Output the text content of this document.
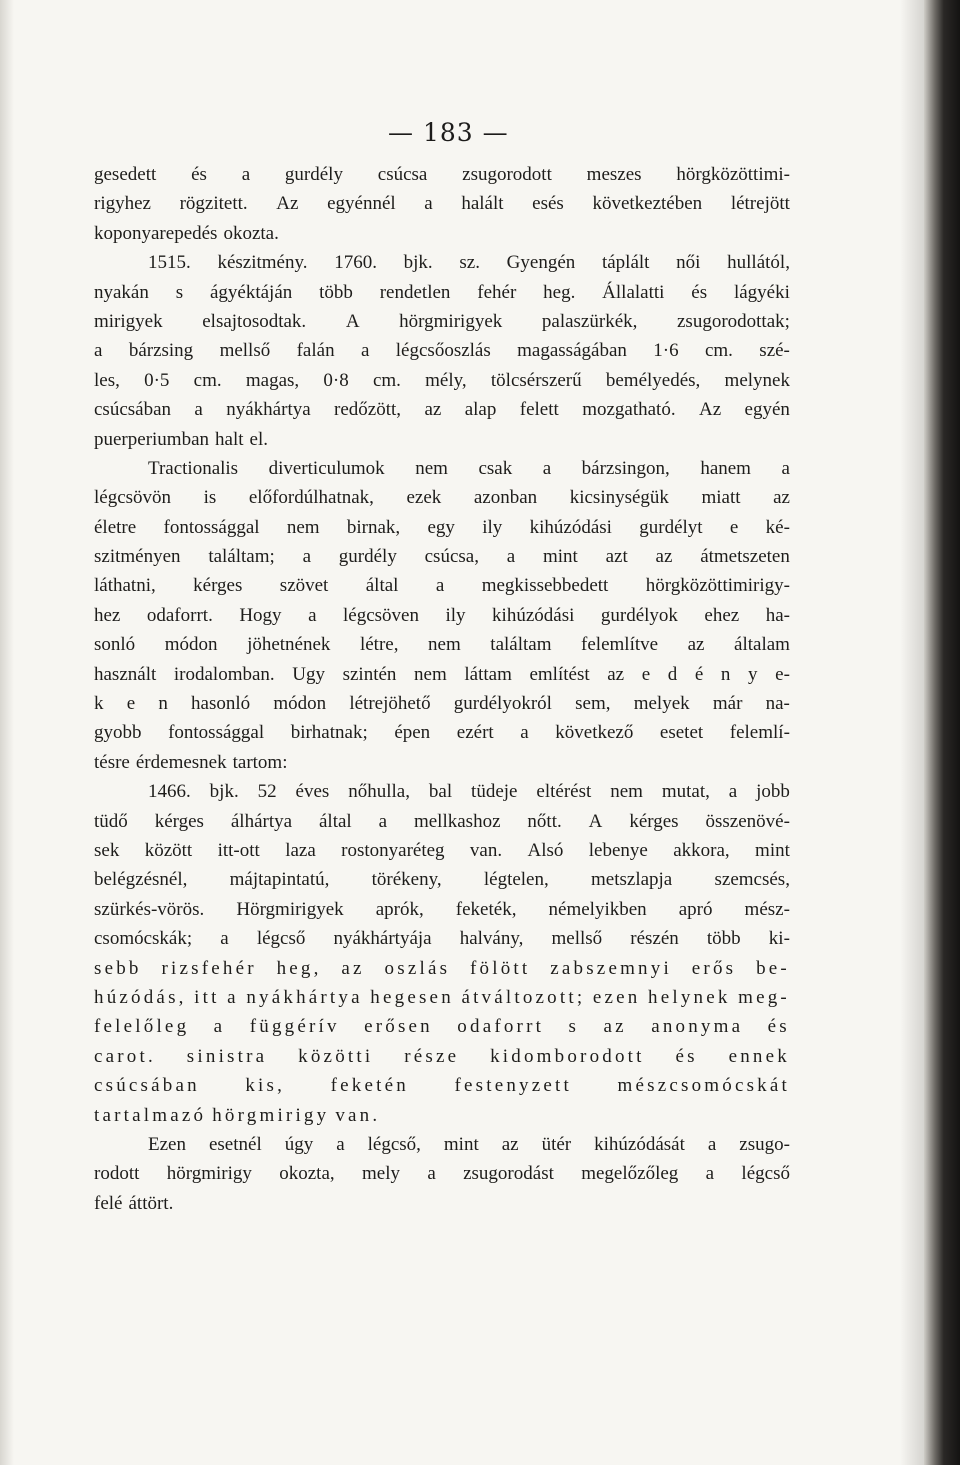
— 183 —
gesedett és a gurdély csúcsa zsugorodott meszes hörgközöttimi-
rigyhez rögzitett. Az egyénnél a halált esés következtében létrejött
koponyarepedés okozta.
1515. készitmény. 1760. bjk. sz. Gyengén táplált női hullától,
nyakán s ágyéktáján több rendetlen fehér heg. Állalatti és lágyéki
mirigyek elsajtosodtak. A hörgmirigyek palaszürkék, zsugorodottak;
a bárzsing mellső falán a légcsőoszlás magasságában 1·6 cm. szé-
les, 0·5 cm. magas, 0·8 cm. mély, tölcsérszerű bemélyedés, melynek
csúcsában a nyákhártya redőzött, az alap felett mozgatható. Az egyén
puerperiumban halt el.
Tractionalis diverticulumok nem csak a bárzsingon, hanem a
légcsövön is előfordúlhatnak, ezek azonban kicsinységük miatt az
életre fontossággal nem birnak, egy ily kihúzódási gurdélyt e ké-
szitményen találtam; a gurdély csúcsa, a mint azt az átmetszeten
láthatni, kérges szövet által a megkissebbedett hörgközöttimirigy-
hez odaforrt. Hogy a légcsöven ily kihúzódási gurdélyok ehez ha-
sonló módon jöhetnének létre, nem találtam felemlítve az általam
használt irodalomban. Ugy szintén nem láttam említést az e d é n y e-
k e n hasonló módon létrejöhető gurdélyokról sem, melyek már na-
gyobb fontossággal birhatnak; épen ezért a következő esetet felemlí-
tésre érdemesnek tartom:
1466. bjk. 52 éves nőhulla, bal tüdeje eltérést nem mutat, a jobb
tüdő kérges álhártya által a mellkashoz nőtt. A kérges összenövé-
sek között itt-ott laza rostonyaréteg van. Alsó lebenye akkora, mint
belégzésnél, májtapintatú, törékeny, légtelen, metszlapja szemcsés,
szürkés-vörös. Hörgmirigyek aprók, feketék, némelyikben apró mész-
csomócskák; a légcső nyákhártyája halvány, mellső részén több ki-
sebb rizsfehér heg, az oszlás fölött zabszemnyi erős be-
húzódás, itt a nyákhártya hegesen átváltozott; ezen helynek meg-
felelőleg a függérív erősen odaforrt s az anonyma és
carot. sinistra közötti része kidomborodott és ennek
csúcsában kis, feketén festenyzett mészcsomócskát
tartalmazó hörgmirigy van.
Ezen esetnél úgy a légcső, mint az ütér kihúzódását a zsugo-
rodott hörgmirigy okozta, mely a zsugorodást megelőzőleg a légcső
felé áttört.
